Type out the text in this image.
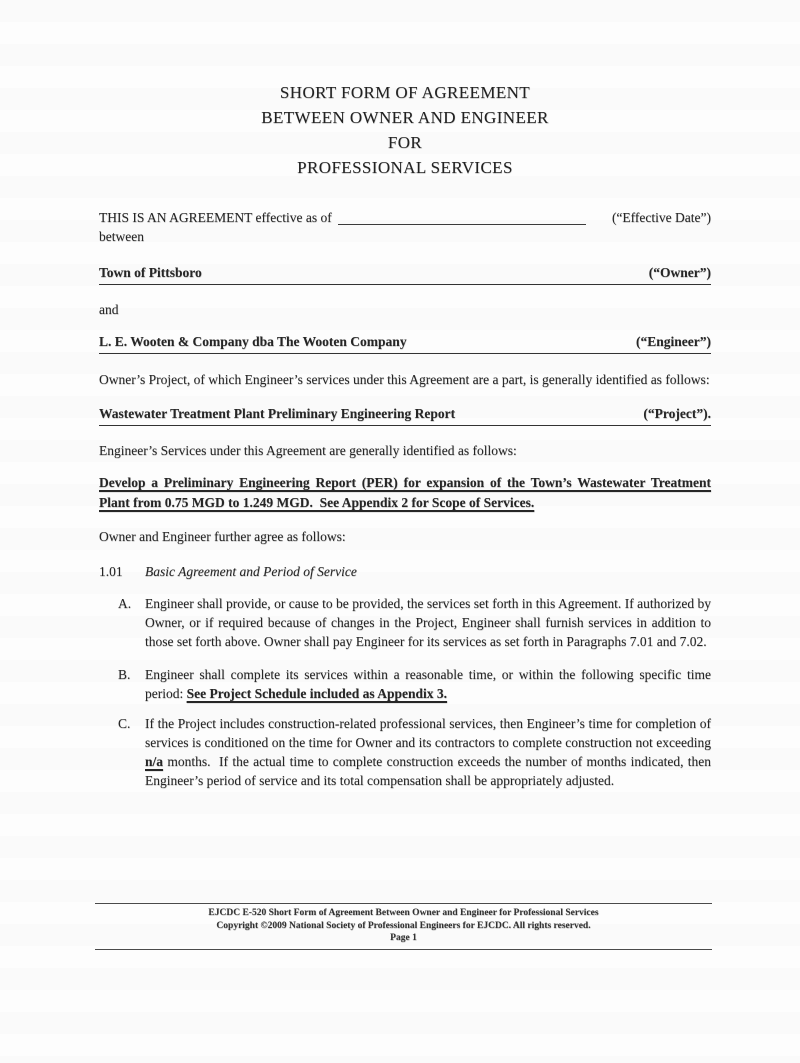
SHORT FORM OF AGREEMENT
BETWEEN OWNER AND ENGINEER
FOR
PROFESSIONAL SERVICES
THIS IS AN AGREEMENT effective as of	(“Effective Date”)
between
Town of Pittsboro	(“Owner”)
and
L. E. Wooten & Company dba The Wooten Company	(“Engineer”)
Owner’s Project, of which Engineer’s services under this Agreement are a part, is generally identified as follows:
Wastewater Treatment Plant Preliminary Engineering Report	(“Project”).
Engineer’s Services under this Agreement are generally identified as follows:
Develop a Preliminary Engineering Report (PER) for expansion of the Town’s Wastewater Treatment Plant from 0.75 MGD to 1.249 MGD.  See Appendix 2 for Scope of Services.
Owner and Engineer further agree as follows:
1.01	Basic Agreement and Period of Service
A. Engineer shall provide, or cause to be provided, the services set forth in this Agreement. If authorized by Owner, or if required because of changes in the Project, Engineer shall furnish services in addition to those set forth above. Owner shall pay Engineer for its services as set forth in Paragraphs 7.01 and 7.02.
B. Engineer shall complete its services within a reasonable time, or within the following specific time period: See Project Schedule included as Appendix 3.
C. If the Project includes construction-related professional services, then Engineer’s time for completion of services is conditioned on the time for Owner and its contractors to complete construction not exceeding n/a months.  If the actual time to complete construction exceeds the number of months indicated, then Engineer’s period of service and its total compensation shall be appropriately adjusted.
EJCDC E-520 Short Form of Agreement Between Owner and Engineer for Professional Services
Copyright ©2009 National Society of Professional Engineers for EJCDC. All rights reserved.
Page 1
